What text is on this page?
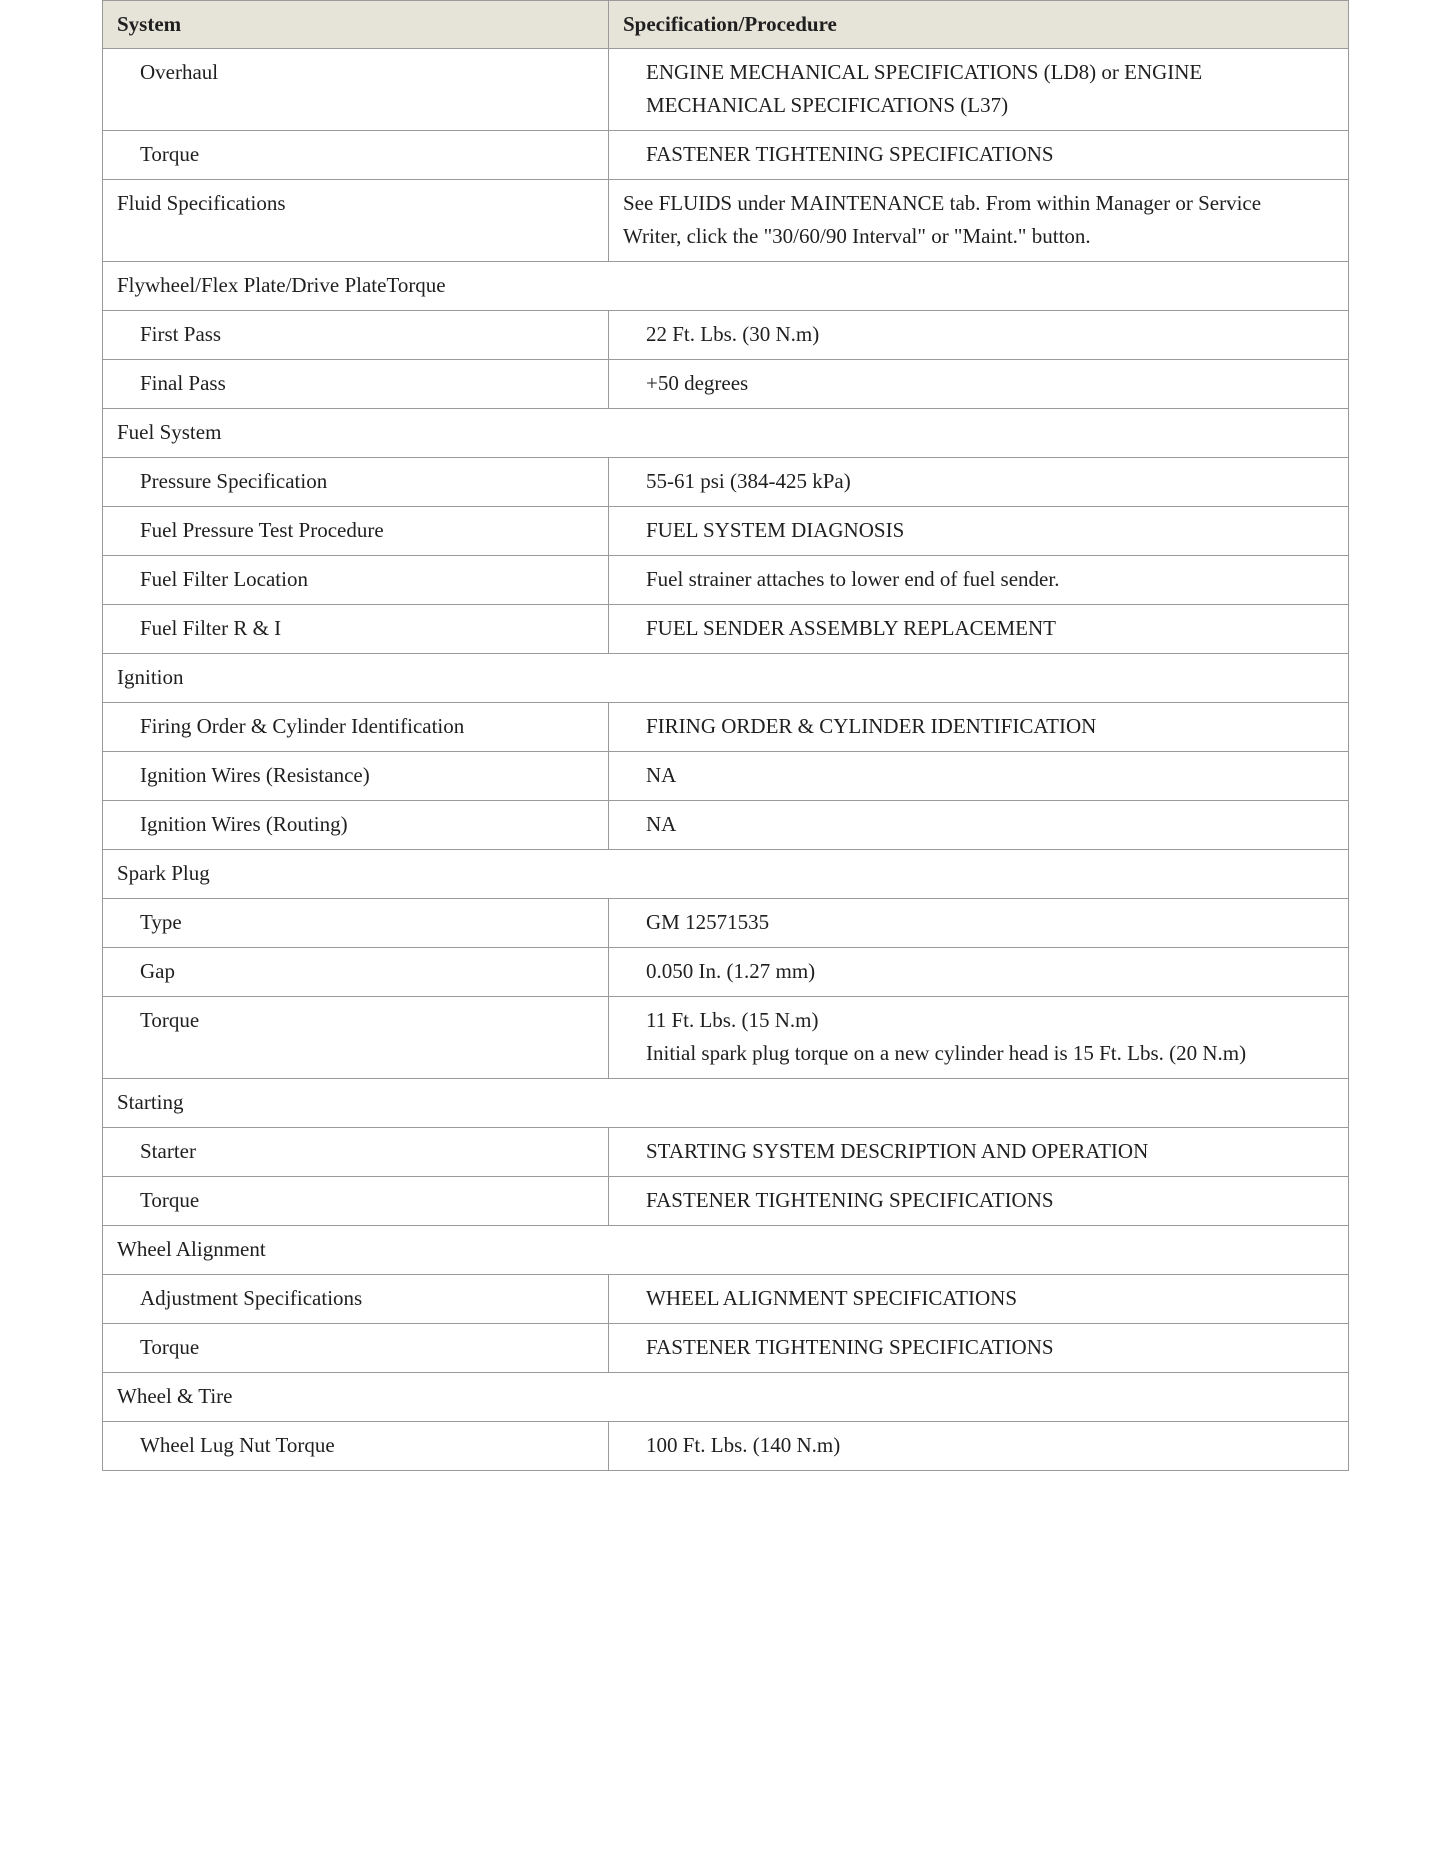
System	Specification/Procedure
Overhaul	ENGINE MECHANICAL SPECIFICATIONS (LD8) or ENGINE
MECHANICAL SPECIFICATIONS (L37)

Torque	FASTENER TIGHTENING SPECIFICATIONS

Fluid Specifications	See FLUIDS under MAINTENANCE tab. From within Manager or Service
Writer, click the "30/60/90 Interval" or "Maint." button.

Flywheel/Flex Plate/Drive PlateTorque	
First Pass	22 Ft. Lbs. (30 N.m)

Final Pass	+50 degrees

Fuel System	
Pressure Specification	55-61 psi (384-425 kPa)

Fuel Pressure Test Procedure	FUEL SYSTEM DIAGNOSIS

Fuel Filter Location	Fuel strainer attaches to lower end of fuel sender.

Fuel Filter R & I	FUEL SENDER ASSEMBLY REPLACEMENT

Ignition	
Firing Order & Cylinder Identification	FIRING ORDER & CYLINDER IDENTIFICATION

Ignition Wires (Resistance)	NA

Ignition Wires (Routing)	NA

Spark Plug	
Type	GM 12571535

Gap	0.050 In. (1.27 mm)

Torque	11 Ft. Lbs. (15 N.m)
Initial spark plug torque on a new cylinder head is 15 Ft. Lbs. (20 N.m)

Starting	
Starter	STARTING SYSTEM DESCRIPTION AND OPERATION

Torque	FASTENER TIGHTENING SPECIFICATIONS

Wheel Alignment	
Adjustment Specifications	WHEEL ALIGNMENT SPECIFICATIONS

Torque	FASTENER TIGHTENING SPECIFICATIONS

Wheel & Tire	
Wheel Lug Nut Torque	100 Ft. Lbs. (140 N.m)
